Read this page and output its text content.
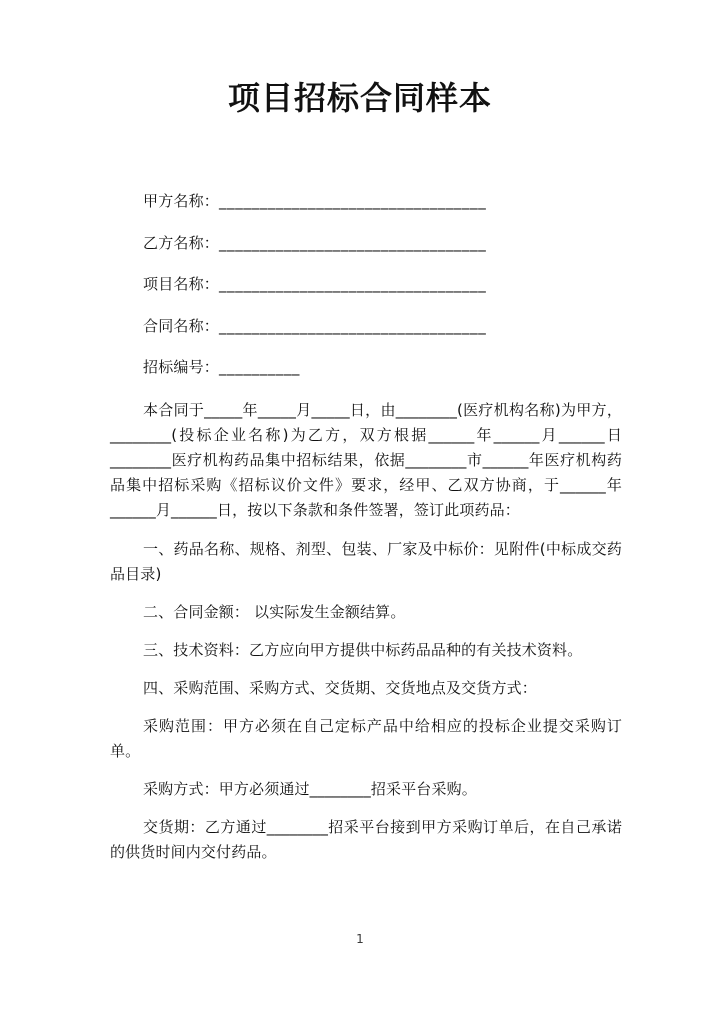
项目招标合同样本
甲方名称：_________________________________
乙方名称：_________________________________
项目名称：_________________________________
合同名称：_________________________________
招标编号：__________

本合同于_____年_____月_____日，由________(医疗机构名称)为甲方，________(投标企业名称)为乙方，双方根据______年______月______日________医疗机构药品集中招标结果，依据________市______年医疗机构药品集中招标采购《招标议价文件》要求，经甲、乙双方协商，于______年______月______日，按以下条款和条件签署，签订此项药品：

一、药品名称、规格、剂型、包装、厂家及中标价：见附件(中标成交药品目录)

二、合同金额： 以实际发生金额结算。

三、技术资料：乙方应向甲方提供中标药品品种的有关技术资料。

四、采购范围、采购方式、交货期、交货地点及交货方式：

采购范围：甲方必须在自己定标产品中给相应的投标企业提交采购订单。

采购方式：甲方必须通过________招采平台采购。

交货期：乙方通过________招采平台接到甲方采购订单后，在自己承诺的供货时间内交付药品。

1
